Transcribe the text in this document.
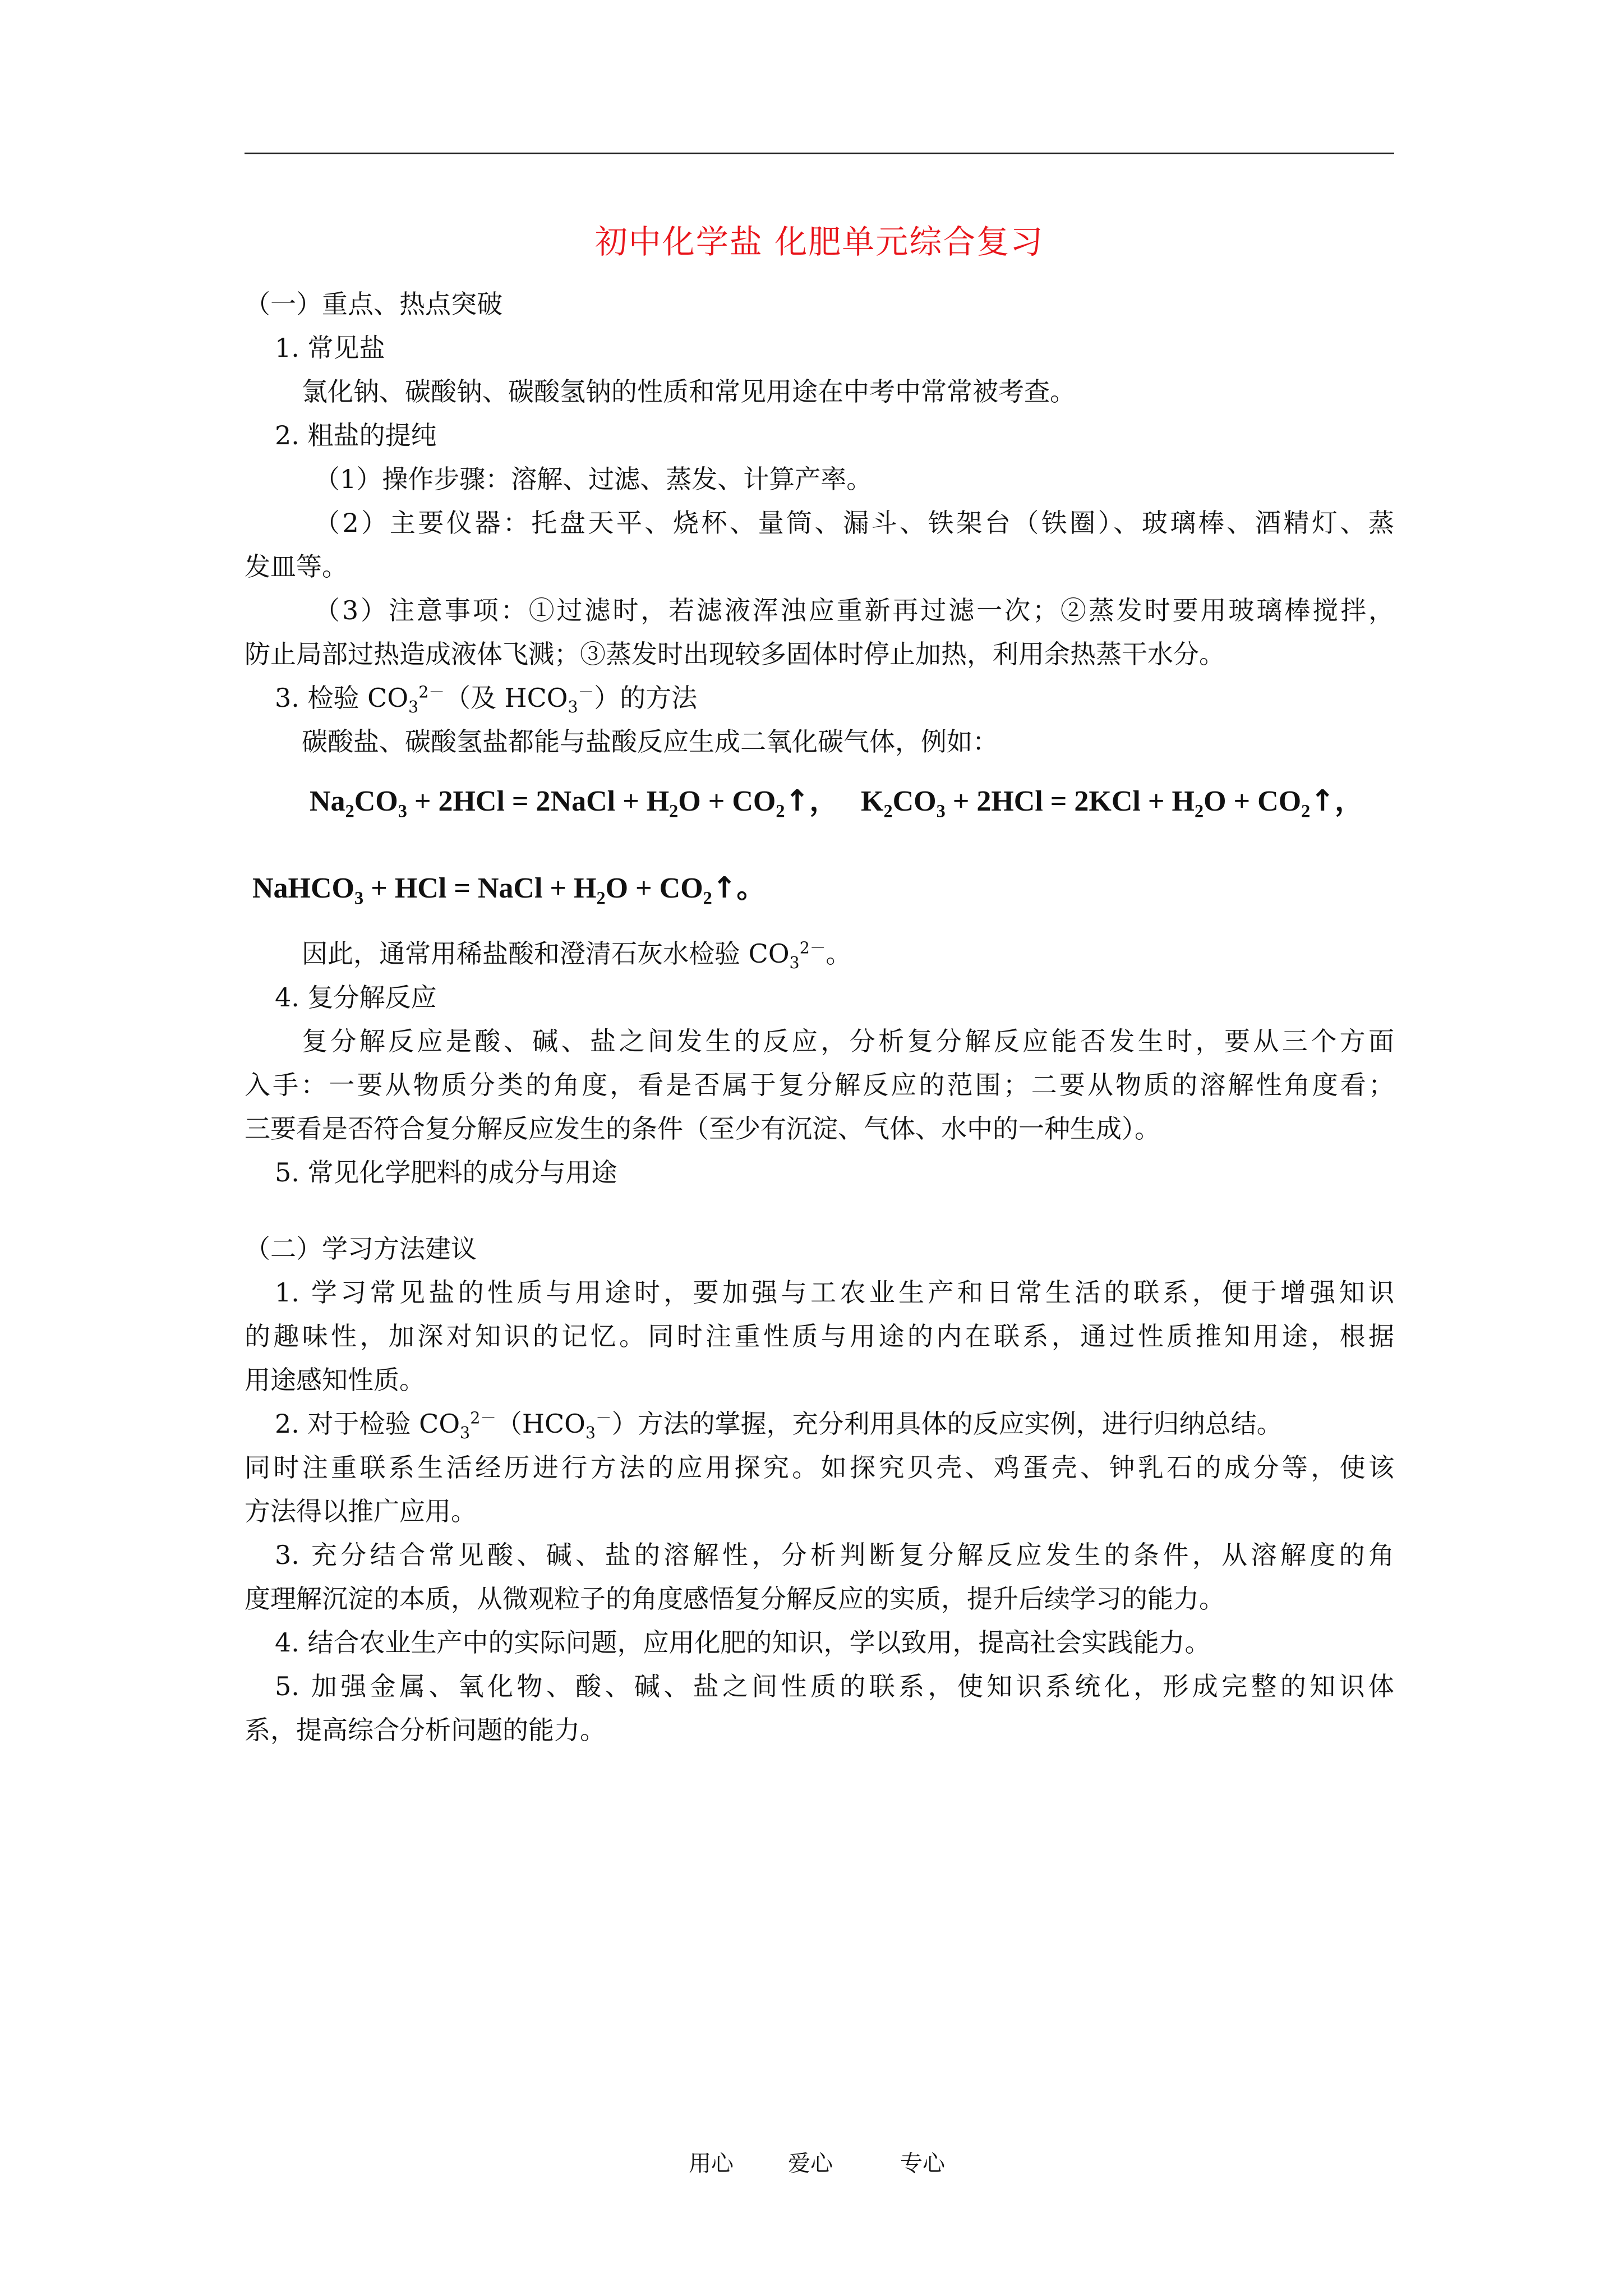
初中化学盐 化肥单元综合复习
（一）重点、热点突破
1. 常见盐
氯化钠、碳酸钠、碳酸氢钠的性质和常见用途在中考中常常被考查。
2. 粗盐的提纯
（1）操作步骤：溶解、过滤、蒸发、计算产率。
（2）主要仪器：托盘天平、烧杯、量筒、漏斗、铁架台（铁圈）、玻璃棒、酒精灯、蒸
发皿等。
（3）注意事项：①过滤时，若滤液浑浊应重新再过滤一次；②蒸发时要用玻璃棒搅拌，
防止局部过热造成液体飞溅；③蒸发时出现较多固体时停止加热，利用余热蒸干水分。
3. 检验 $CO_3^{2-}$（及 $HCO_3^-$）的方法
碳酸盐、碳酸氢盐都能与盐酸反应生成二氧化碳气体，例如：
$Na_2CO_3 + 2HCl$ = 2NaCl + $H_2O$ + $CO_2↑$， $K_2CO_3 + 2HCl = 2KCl + H_2O$ + $CO_2↑$，
NaHCO$_3$ + HCl = NaCl + $H_2O$ + $CO_2↑$。
因此，通常用稀盐酸和澄清石灰水检验 $CO_3^{2-}$。
4. 复分解反应
复分解反应是酸、碱、盐之间发生的反应，分析复分解反应能否发生时，要从三个方面
入手：一要从物质分类的角度，看是否属于复分解反应的范围；二要从物质的溶解性角度看；
三要看是否符合复分解反应发生的条件（至少有沉淀、气体、水中的一种生成）。
5. 常见化学肥料的成分与用途
（二）学习方法建议
1. 学习常见盐的性质与用途时，要加强与工农业生产和日常生活的联系，便于增强知识
的趣味性，加深对知识的记忆。同时注重性质与用途的内在联系，通过性质推知用途，根据
用途感知性质。
2. 对于检验 $CO_3^{2-}(HCO_3^-)$方法的掌握，充分利用具体的反应实例，进行归纳总结。
同时注重联系生活经历进行方法的应用探究。如探究贝壳、鸡蛋壳、钟乳石的成分等，使该
方法得以推广应用。
3. 充分结合常见酸、碱、盐的溶解性，分析判断复分解反应发生的条件，从溶解度的角
度理解沉淀的本质，从微观粒子的角度感悟复分解反应的实质，提升后续学习的能力。
4. 结合农业生产中的实际问题，应用化肥的知识，学以致用，提高社会实践能力。
5. 加强金属、氧化物、酸、碱、盐之间性质的联系，使知识系统化，形成完整的知识体
系，提高综合分析问题的能力。
用心 爱心	专心
